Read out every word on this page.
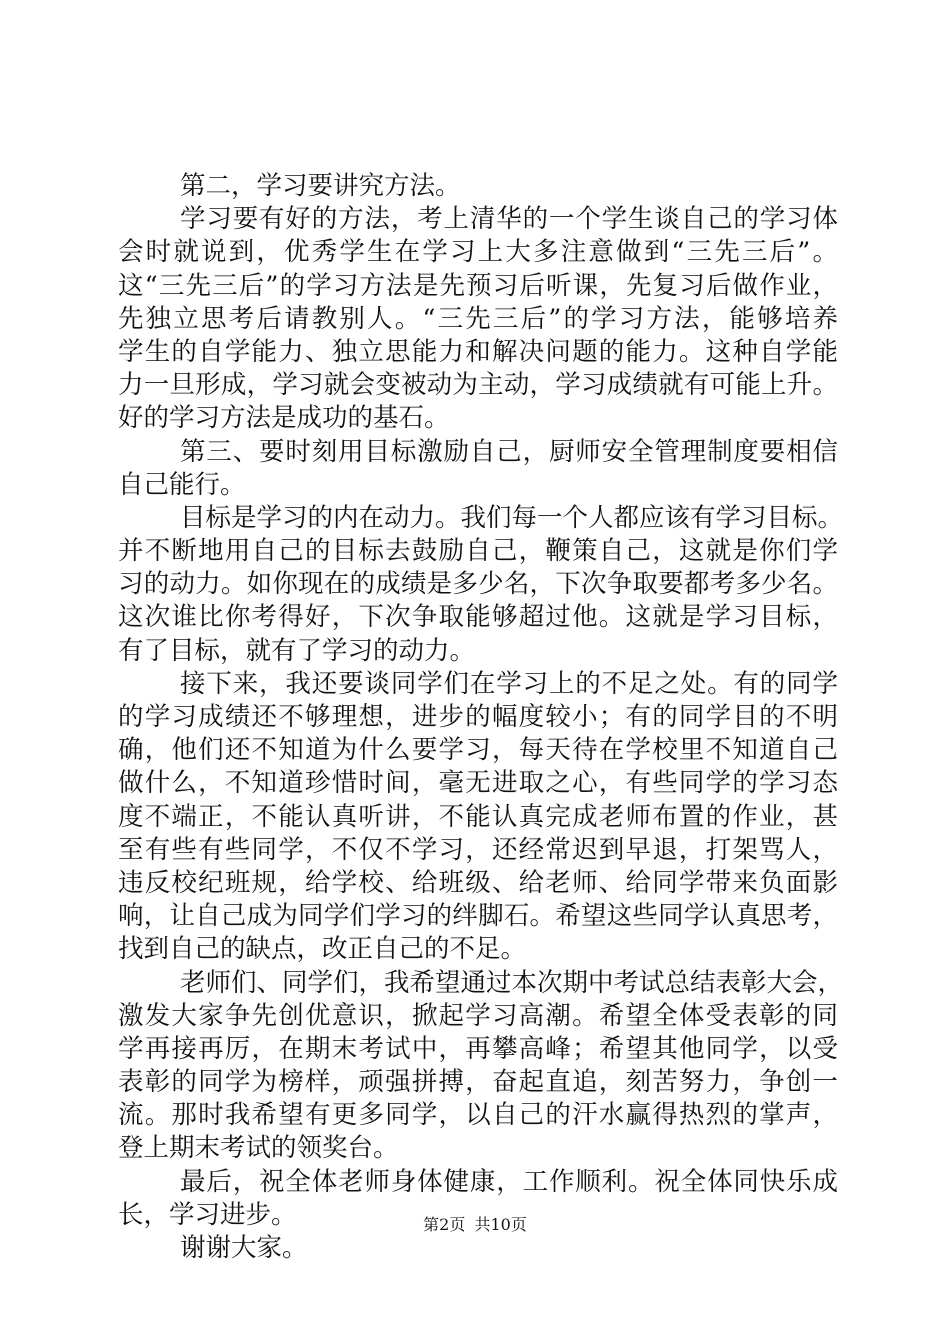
第二，学习要讲究方法。
学习要有好的方法，考上清华的一个学生谈自己的学习体
会时就说到，优秀学生在学习上大多注意做到“三先三后”。
这“三先三后”的学习方法是先预习后听课，先复习后做作业，
先独立思考后请教别人。“三先三后”的学习方法，能够培养
学生的自学能力、独立思能力和解决问题的能力。这种自学能
力一旦形成，学习就会变被动为主动，学习成绩就有可能上升。
好的学习方法是成功的基石。
第三、要时刻用目标激励自己，厨师安全管理制度要相信
自己能行。
目标是学习的内在动力。我们每一个人都应该有学习目标。
并不断地用自己的目标去鼓励自己，鞭策自己，这就是你们学
习的动力。如你现在的成绩是多少名，下次争取要都考多少名。
这次谁比你考得好，下次争取能够超过他。这就是学习目标，
有了目标，就有了学习的动力。
接下来，我还要谈同学们在学习上的不足之处。有的同学
的学习成绩还不够理想，进步的幅度较小；有的同学目的不明
确，他们还不知道为什么要学习，每天待在学校里不知道自己
做什么，不知道珍惜时间，毫无进取之心，有些同学的学习态
度不端正，不能认真听讲，不能认真完成老师布置的作业，甚
至有些有些同学，不仅不学习，还经常迟到早退，打架骂人，
违反校纪班规，给学校、给班级、给老师、给同学带来负面影
响，让自己成为同学们学习的绊脚石。希望这些同学认真思考，
找到自己的缺点，改正自己的不足。
老师们、同学们，我希望通过本次期中考试总结表彰大会，
激发大家争先创优意识，掀起学习高潮。希望全体受表彰的同
学再接再厉，在期末考试中，再攀高峰；希望其他同学，以受
表彰的同学为榜样，顽强拼搏，奋起直追，刻苦努力，争创一
流。那时我希望有更多同学，以自己的汗水赢得热烈的掌声，
登上期末考试的领奖台。
最后，祝全体老师身体健康，工作顺利。祝全体同快乐成
长，学习进步。
谢谢大家。
第2页 共10页
